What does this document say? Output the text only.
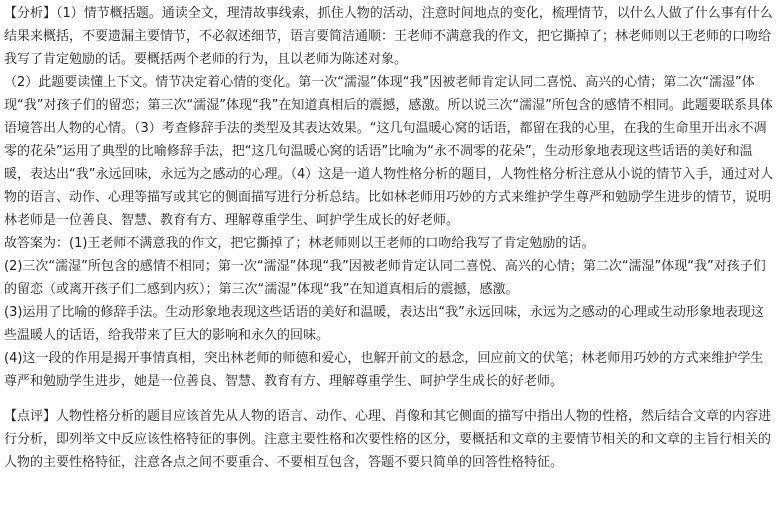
【分析】（1）情节概括题。通读全文，理清故事线索，抓住人物的活动，注意时间地点的变化，梳理情节，以什么人做了什么事有什么结果来概括，不要遗漏主要情节，不必叙述细节，语言要简洁通顺：王老师不满意我的作文，把它撕掉了；林老师则以王老师的口吻给我写了肯定勉励的话。要概括两个老师的行为，且以老师为陈述对象。

（2）此题要读懂上下文。情节决定着心情的变化。第一次“濡湿”体现“我”因被老师肯定认同二喜悦、高兴的心情；第二次“濡湿”体现“我”对孩子们的留恋；第三次“濡湿”体现“我”在知道真相后的震撼，感激。所以说三次“濡湿”所包含的感情不相同。此题要联系具体语境答出人物的心情。（3）考查修辞手法的类型及其表达效果。“这几句温暖心窝的话语，都留在我的心里，在我的生命里开出永不凋零的花朵”运用了典型的比喻修辞手法，把“这几句温暖心窝的话语”比喻为“永不凋零的花朵”，生动形象地表现这些话语的美好和温暖，表达出“我”永远回味，永远为之感动的心理。（4）这是一道人物性格分析的题目，人物性格分析注意从小说的情节入手，通过对人物的语言、动作、心理等描写或其它的侧面描写进行分析总结。比如林老师用巧妙的方式来维护学生尊严和勉励学生进步的情节，说明林老师是一位善良、智慧、教育有方、理解尊重学生、呵护学生成长的好老师。

故答案为：(1)王老师不满意我的作文，把它撕掉了；林老师则以王老师的口吻给我写了肯定勉励的话。

(2)三次“濡湿”所包含的感情不相同；第一次“濡湿”体现“我”因被老师肯定认同二喜悦、高兴的心情；第二次“濡湿”体现“我”对孩子们的留恋（或离开孩子们二感到内疚）；第三次“濡湿”体现“我”在知道真相后的震撼，感激。

(3)运用了比喻的修辞手法。生动形象地表现这些话语的美好和温暖，表达出“我”永远回味，永远为之感动的心理或生动形象地表现这些温暖人的话语，给我带来了巨大的影响和永久的回味。

(4)这一段的作用是揭开事情真相，突出林老师的师德和爱心，也解开前文的悬念，回应前文的伏笔；林老师用巧妙的方式来维护学生尊严和勉励学生进步，她是一位善良、智慧、教育有方、理解尊重学生、呵护学生成长的好老师。

【点评】人物性格分析的题目应该首先从人物的语言、动作、心理、肖像和其它侧面的描写中指出人物的性格，然后结合文章的内容进行分析，即列举文中反应该性格特征的事例。注意主要性格和次要性格的区分，要概括和文章的主要情节相关的和文章的主旨行相关的人物的主要性格特征，注意各点之间不要重合、不要相互包含，答题不要只简单的回答性格特征。
